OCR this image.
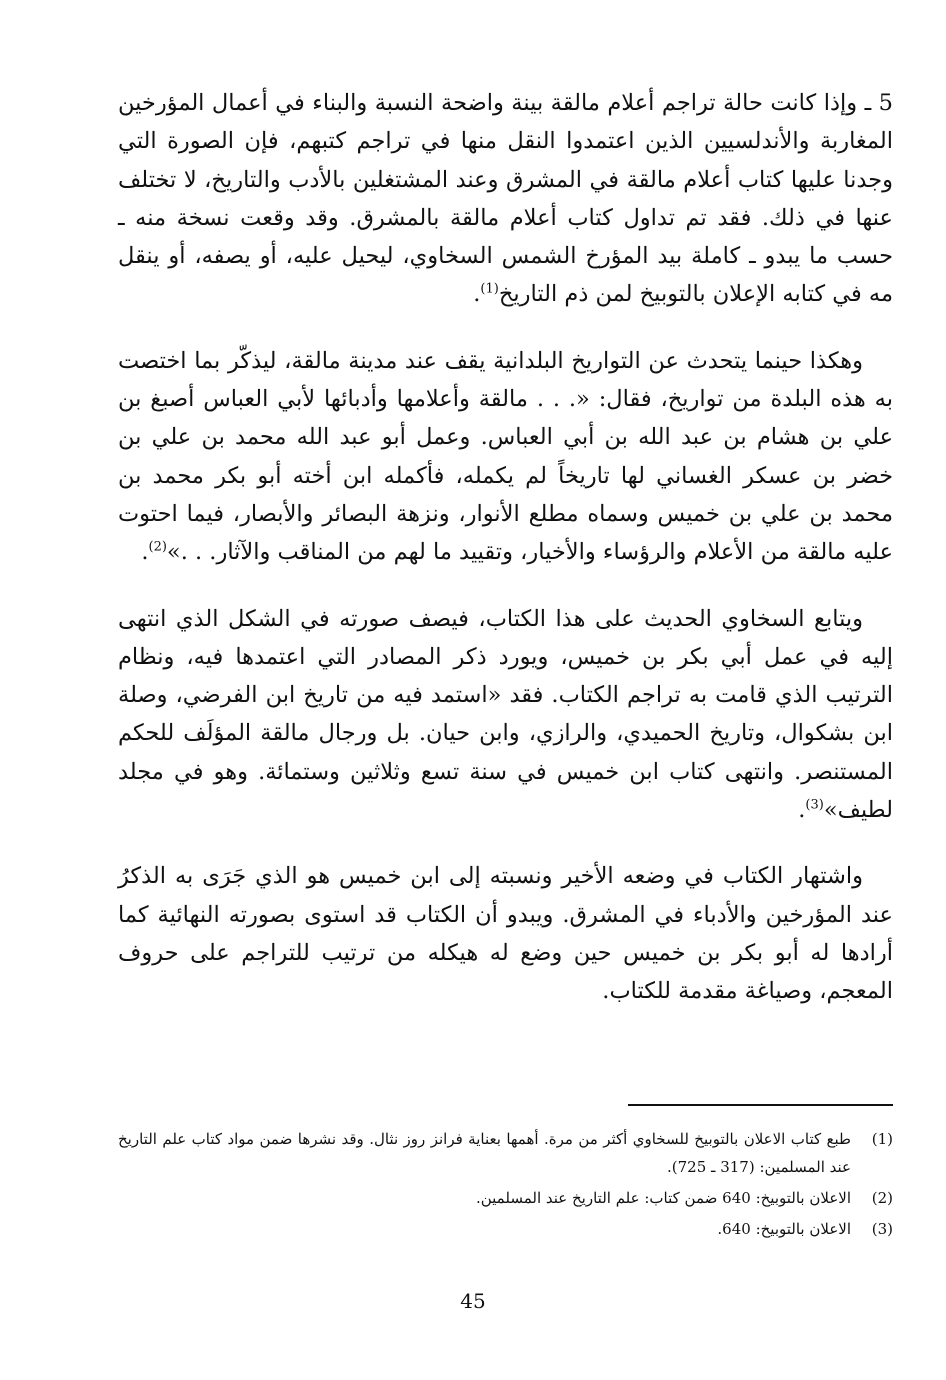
5 ـ وإذا كانت حالة تراجم أعلام مالقة بينة واضحة النسبة والبناء في أعمال المؤرخين المغاربة والأندلسيين الذين اعتمدوا النقل منها في تراجم كتبهم، فإن الصورة التي وجدنا عليها كتاب أعلام مالقة في المشرق وعند المشتغلين بالأدب والتاريخ، لا تختلف عنها في ذلك. فقد تم تداول كتاب أعلام مالقة بالمشرق. وقد وقعت نسخة منه ـ حسب ما يبدو ـ كاملة بيد المؤرخ الشمس السخاوي، ليحيل عليه، أو يصفه، أو ينقل مه في كتابه الإعلان بالتوبيخ لمن ذم التاريخ$^{(1)}$.

وهكذا حينما يتحدث عن التواريخ البلدانية يقف عند مدينة مالقة، ليذكّر بما اختصت به هذه البلدة من تواريخ، فقال: «. . . مالقة وأعلامها وأدبائها لأبي العباس أصبغ بن علي بن هشام بن عبد الله بن أبي العباس. وعمل أبو عبد الله محمد بن علي بن خضر بن عسكر الغساني لها تاريخاً لم يكمله، فأكمله ابن أخته أبو بكر محمد بن محمد بن علي بن خميس وسماه مطلع الأنوار، ونزهة البصائر والأبصار، فيما احتوت عليه مالقة من الأعلام والرؤساء والأخيار، وتقييد ما لهم من المناقب والآثار. . .»$^{(2)}$.

ويتابع السخاوي الحديث على هذا الكتاب، فيصف صورته في الشكل الذي انتهى إليه في عمل أبي بكر بن خميس، ويورد ذكر المصادر التي اعتمدها فيه، ونظام الترتيب الذي قامت به تراجم الكتاب. فقد «استمد فيه من تاريخ ابن الفرضي، وصلة ابن بشكوال، وتاريخ الحميدي، والرازي، وابن حيان. بل ورجال مالقة المؤلَف للحكم المستنصر. وانتهى كتاب ابن خميس في سنة تسع وثلاثين وستمائة. وهو في مجلد لطيف»$^{(3)}$.

واشتهار الكتاب في وضعه الأخير ونسبته إلى ابن خميس هو الذي جَرَى به الذكرُ عند المؤرخين والأدباء في المشرق. ويبدو أن الكتاب قد استوى بصورته النهائية كما أرادها له أبو بكر بن خميس حين وضع له هيكله من ترتيب للتراجم على حروف المعجم، وصياغة مقدمة للكتاب.

(1)
طبع كتاب الاعلان بالتوبيخ للسخاوي أكثر من مرة. أهمها بعناية فرانز روز نثال. وقد نشرها ضمن مواد كتاب علم التاريخ عند المسلمين: (317 ـ 725).
(2)
الاعلان بالتوبيخ: 640 ضمن كتاب: علم التاريخ عند المسلمين.
(3)
الاعلان بالتوبيخ: 640.
45
